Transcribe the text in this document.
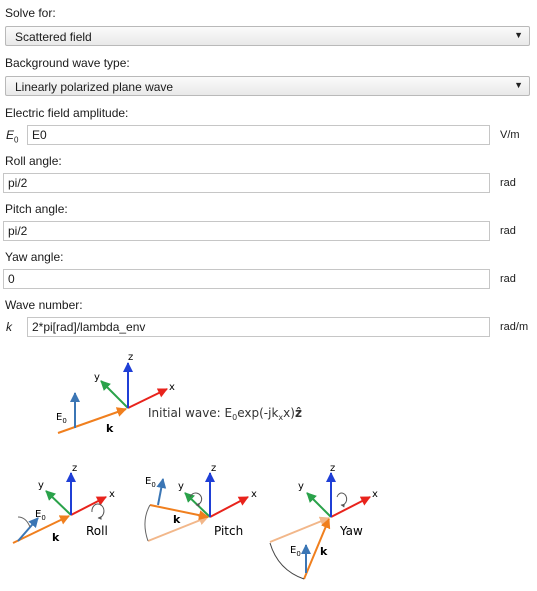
Solve for:
Scattered field	▼
Background wave type:
Linearly polarized plane wave	▼
Electric field amplitude:
$E_0$	E0	V/m
Roll angle:
pi/2	rad
Pitch angle:
pi/2	rad
Yaw angle:
0	rad
Wave number:
k	2*pi[rad]/lambda_env	rad/m
x
y
z
k
$E_0$
Initial wave: $E_0\exp(-jk_xx)ẑ$
x
y
z
k
$E_0$
Roll
x
y
z
k
$E_0$
Pitch
x
y
z
k
$E_0$
Yaw
